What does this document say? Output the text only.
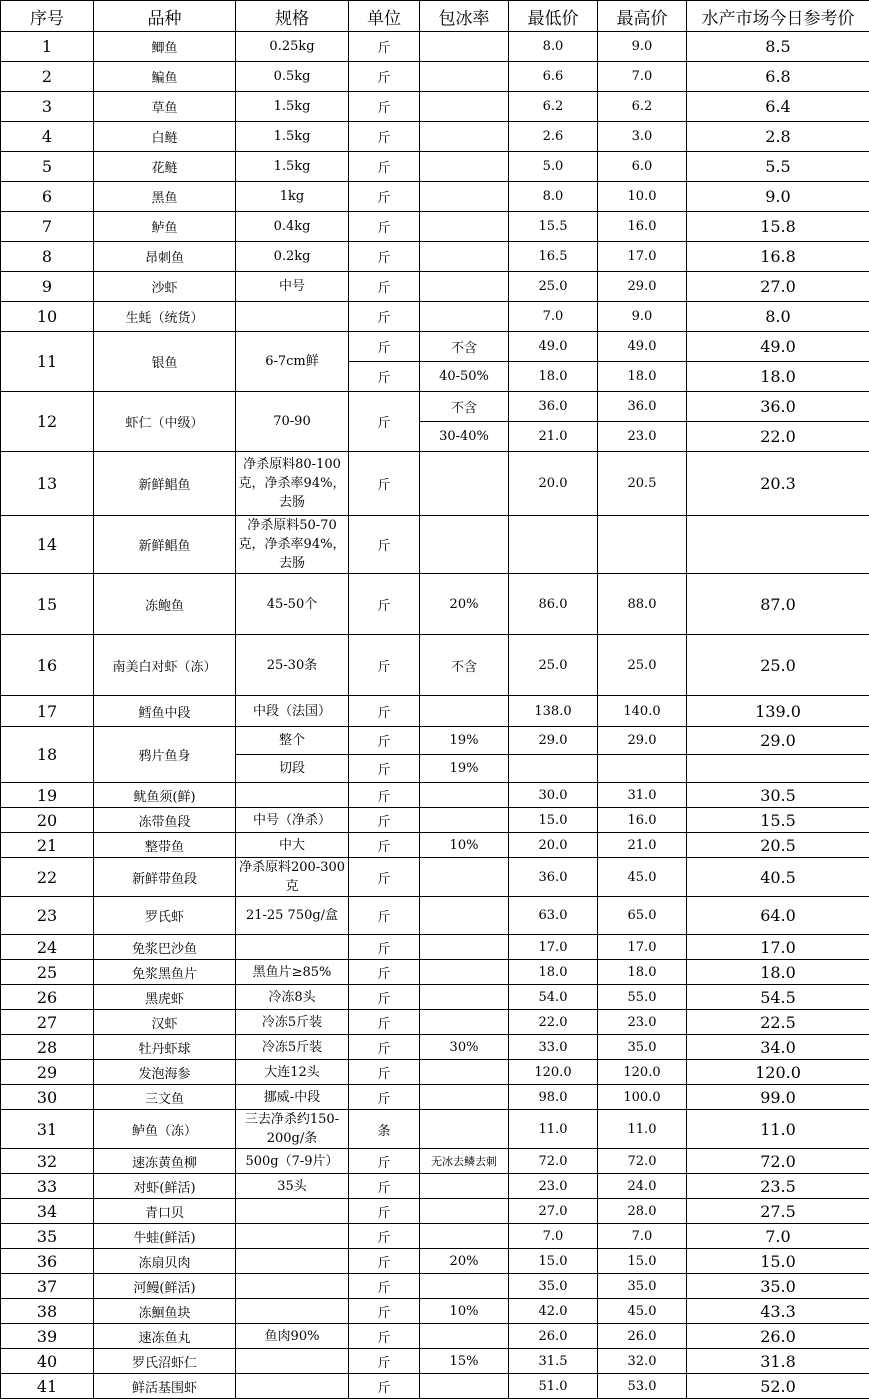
序号	品种	规格	单位	包冰率	最低价	最高价	水产市场今日参考价
1	鲫鱼	0.25kg	斤		8.0	9.0	8.5
2	鳊鱼	0.5kg	斤		6.6	7.0	6.8
3	草鱼	1.5kg	斤		6.2	6.2	6.4
4	白鲢	1.5kg	斤		2.6	3.0	2.8
5	花鲢	1.5kg	斤		5.0	6.0	5.5
6	黑鱼	1kg	斤		8.0	10.0	9.0
7	鲈鱼	0.4kg	斤		15.5	16.0	15.8
8	昂刺鱼	0.2kg	斤		16.5	17.0	16.8
9	沙虾	中号	斤		25.0	29.0	27.0
10	生蚝（统货）		斤		7.0	9.0	8.0
11	银鱼	6-7cm鲜	斤	不含	49.0	49.0	49.0
			斤	40-50%	18.0	18.0	18.0
12	虾仁（中级）	70-90	斤	不含	36.0	36.0	36.0
				30-40%	21.0	23.0	22.0
13	新鲜鲳鱼	净杀原料80-100克，净杀率94%，去肠	斤		20.0	20.5	20.3
14	新鲜鲳鱼	净杀原料50-70克，净杀率94%，去肠	斤				
15	冻鲍鱼	45-50个	斤	20%	86.0	88.0	87.0
16	南美白对虾（冻）	25-30条	斤	不含	25.0	25.0	25.0
17	鳕鱼中段	中段（法国）	斤		138.0	140.0	139.0
18	鸦片鱼身	整个	斤	19%	29.0	29.0	29.0
		切段	斤	19%			
19	鱿鱼须(鲜)		斤		30.0	31.0	30.5
20	冻带鱼段	中号（净杀）	斤		15.0	16.0	15.5
21	整带鱼	中大	斤	10%	20.0	21.0	20.5
22	新鲜带鱼段	净杀原料200-300克	斤		36.0	45.0	40.5
23	罗氏虾	21-25 750g/盒	斤		63.0	65.0	64.0
24	免浆巴沙鱼		斤		17.0	17.0	17.0
25	免浆黑鱼片	黑鱼片≥85%	斤		18.0	18.0	18.0
26	黑虎虾	冷冻8头	斤		54.0	55.0	54.5
27	汉虾	冷冻5斤装	斤		22.0	23.0	22.5
28	牡丹虾球	冷冻5斤装	斤	30%	33.0	35.0	34.0
29	发泡海参	大连12头	斤		120.0	120.0	120.0
30	三文鱼	挪威-中段	斤		98.0	100.0	99.0
31	鲈鱼（冻）	三去净杀约150-200g/条	条		11.0	11.0	11.0
32	速冻黄鱼柳	500g（7-9片）	斤	无冰去鳞去刺	72.0	72.0	72.0
33	对虾(鲜活)	35头	斤		23.0	24.0	23.5
34	青口贝		斤		27.0	28.0	27.5
35	牛蛙(鲜活)		斤		7.0	7.0	7.0
36	冻扇贝肉		斤	20%	15.0	15.0	15.0
37	河鳗(鲜活)		斤		35.0	35.0	35.0
38	冻鮰鱼块		斤	10%	42.0	45.0	43.3
39	速冻鱼丸	鱼肉90%	斤		26.0	26.0	26.0
40	罗氏沼虾仁		斤	15%	31.5	32.0	31.8
41	鲜活基围虾		斤		51.0	53.0	52.0
